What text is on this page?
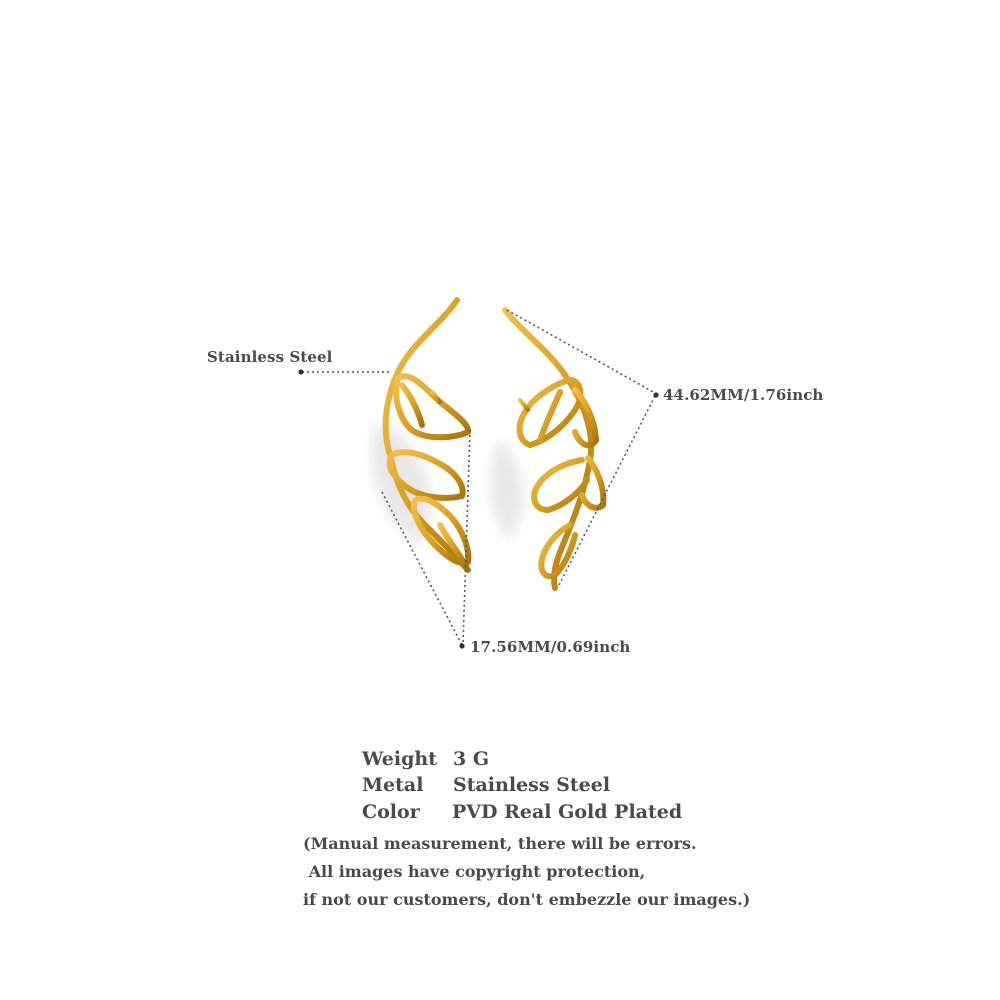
Stainless Steel
44.62MM/1.76inch
17.56MM/0.69inch
Weight 3 G
Metal Stainless Steel
Color PVD Real Gold Plated
(Manual measurement, there will be errors.
All images have copyright protection,
if not our customers, don't embezzle our images.)
